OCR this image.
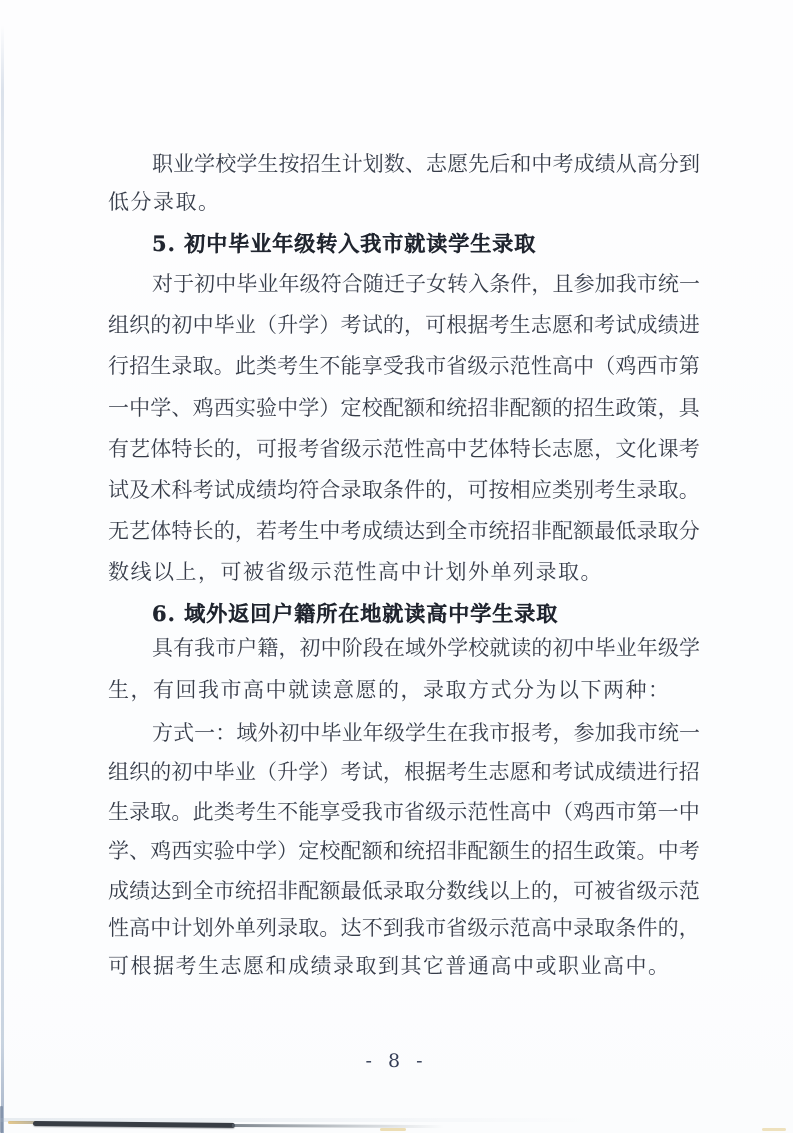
职 业 学 校 学 生 按 招 生 计 划 数 、 志 愿 先 后 和 中 考 成 绩 从 高 分 到
低分录取。
5. 初中毕业年级转入我市就读学生录取
对 于 初 中 毕 业 年 级 符 合 随 迁 子 女 转 入 条 件 ， 且 参 加 我 市 统 一
组 织 的 初 中 毕 业 （ 升 学 ） 考 试 的 ， 可 根 据 考 生 志 愿 和 考 试 成 绩 进
行 招 生 录 取 。 此 类 考 生 不 能 享 受 我 市 省 级 示 范 性 高 中 （ 鸡 西 市 第
一 中 学 、 鸡 西 实 验 中 学 ） 定 校 配 额 和 统 招 非 配 额 的 招 生 政 策 ， 具
有 艺 体 特 长 的 ， 可 报 考 省 级 示 范 性 高 中 艺 体 特 长 志 愿 ， 文 化 课 考
试 及 术 科 考 试 成 绩 均 符 合 录 取 条 件 的 ， 可 按 相 应 类 别 考 生 录 取 。
无 艺 体 特 长 的 ， 若 考 生 中 考 成 绩 达 到 全 市 统 招 非 配 额 最 低 录 取 分
数线以上，可被省级示范性高中计划外单列录取。
6. 域外返回户籍所在地就读高中学生录取
具 有 我 市 户 籍 ， 初 中 阶 段 在 域 外 学 校 就 读 的 初 中 毕 业 年 级 学
生，有回我市高中就读意愿的，录取方式分为以下两种：
方 式 一 ： 域 外 初 中 毕 业 年 级 学 生 在 我 市 报 考 ， 参 加 我 市 统 一
组 织 的 初 中 毕 业 （ 升 学 ） 考 试 ， 根 据 考 生 志 愿 和 考 试 成 绩 进 行 招
生 录 取 。 此 类 考 生 不 能 享 受 我 市 省 级 示 范 性 高 中 （ 鸡 西 市 第 一 中
学 、 鸡 西 实 验 中 学 ） 定 校 配 额 和 统 招 非 配 额 生 的 招 生 政 策 。 中 考
成 绩 达 到 全 市 统 招 非 配 额 最 低 录 取 分 数 线 以 上 的 ， 可 被 省 级 示 范
性 高 中 计 划 外 单 列 录 取 。 达 不 到 我 市 省 级 示 范 高 中 录 取 条 件 的 ，
可根据考生志愿和成绩录取到其它普通高中或职业高中。
- 8 -
